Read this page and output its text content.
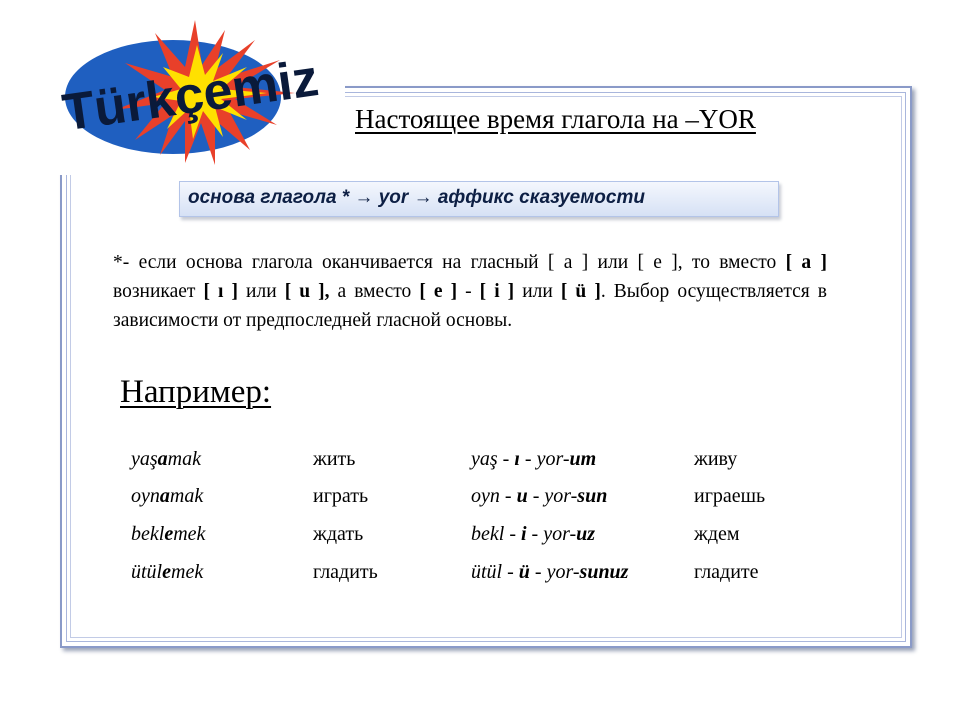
Türkçemiz Настоящее время глагола на –YOR
основа глагола * → yor → аффикс сказуемости
*- если основа глагола оканчивается на гласный [ a ] или [ e ], то вместо [ a ] возникает [ ı ] или [ u ], а вместо [ e ] - [ i ] или [ ü ]. Выбор осуществляется в зависимости от предпоследней гласной основы.
Например:
yaşamak	жить	yaş - ı - yor-um	живу
oynamak	играть	oyn - u - yor-sun	играешь
beklemek	ждать	bekl - i - yor-uz	ждем
ütülemek	гладить	ütül - ü - yor-sunuz	гладите
